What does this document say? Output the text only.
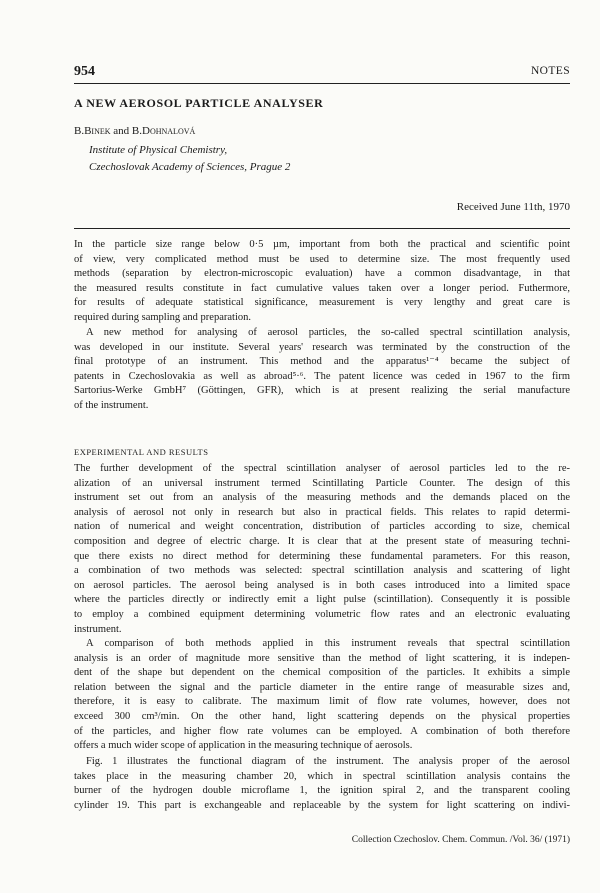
954	NOTES
A NEW AEROSOL PARTICLE ANALYSER
B.Binek and B.Dohnalová
Institute of Physical Chemistry,
Czechoslovak Academy of Sciences, Prague 2
Received June 11th, 1970
In the particle size range below 0·5 µm, important from both the practical and scientific point
of view, very complicated method must be used to determine size. The most frequently used
methods (separation by electron-microscopic evaluation) have a common disadvantage, in that
the measured results constitute in fact cumulative values taken over a longer period. Futhermore,
for results of adequate statistical significance, measurement is very lengthy and great care is
required during sampling and preparation.
A new method for analysing of aerosol particles, the so-called spectral scintillation analysis,
was developed in our institute. Several years' research was terminated by the construction of the
final prototype of an instrument. This method and the apparatus¹⁻⁴ became the subject of
patents in Czechoslovakia as well as abroad⁵·⁶. The patent licence was ceded in 1967 to the firm
Sartorius-Werke GmbH⁷ (Göttingen, GFR), which is at present realizing the serial manufacture
of the instrument.
EXPERIMENTAL AND RESULTS
The further development of the spectral scintillation analyser of aerosol particles led to the re-
alization of an universal instrument termed Scintillating Particle Counter. The design of this
instrument set out from an analysis of the measuring methods and the demands placed on the
analysis of aerosol not only in research but also in practical fields. This relates to rapid determi-
nation of numerical and weight concentration, distribution of particles according to size, chemical
composition and degree of electric charge. It is clear that at the present state of measuring techni-
que there exists no direct method for determining these fundamental parameters. For this reason,
a combination of two methods was selected: spectral scintillation analysis and scattering of light
on aerosol particles. The aerosol being analysed is in both cases introduced into a limited space
where the particles directly or indirectly emit a light pulse (scintillation). Consequently it is possible
to employ a combined equipment determining volumetric flow rates and an electronic evaluating
instrument.
A comparison of both methods applied in this instrument reveals that spectral scintillation
analysis is an order of magnitude more sensitive than the method of light scattering, it is indepen-
dent of the shape but dependent on the chemical composition of the particles. It exhibits a simple
relation between the signal and the particle diameter in the entire range of measurable sizes and,
therefore, it is easy to calibrate. The maximum limit of flow rate volumes, however, does not
exceed 300 cm³/min. On the other hand, light scattering depends on the physical properties
of the particles, and higher flow rate volumes can be employed. A combination of both therefore
offers a much wider scope of application in the measuring technique of aerosols.
Fig. 1 illustrates the functional diagram of the instrument. The analysis proper of the aerosol
takes place in the measuring chamber 20, which in spectral scintillation analysis contains the
burner of the hydrogen double microflame 1, the ignition spiral 2, and the transparent cooling
cylinder 19. This part is exchangeable and replaceable by the system for light scattering on indivi-
Collection Czechoslov. Chem. Commun. /Vol. 36/ (1971)
